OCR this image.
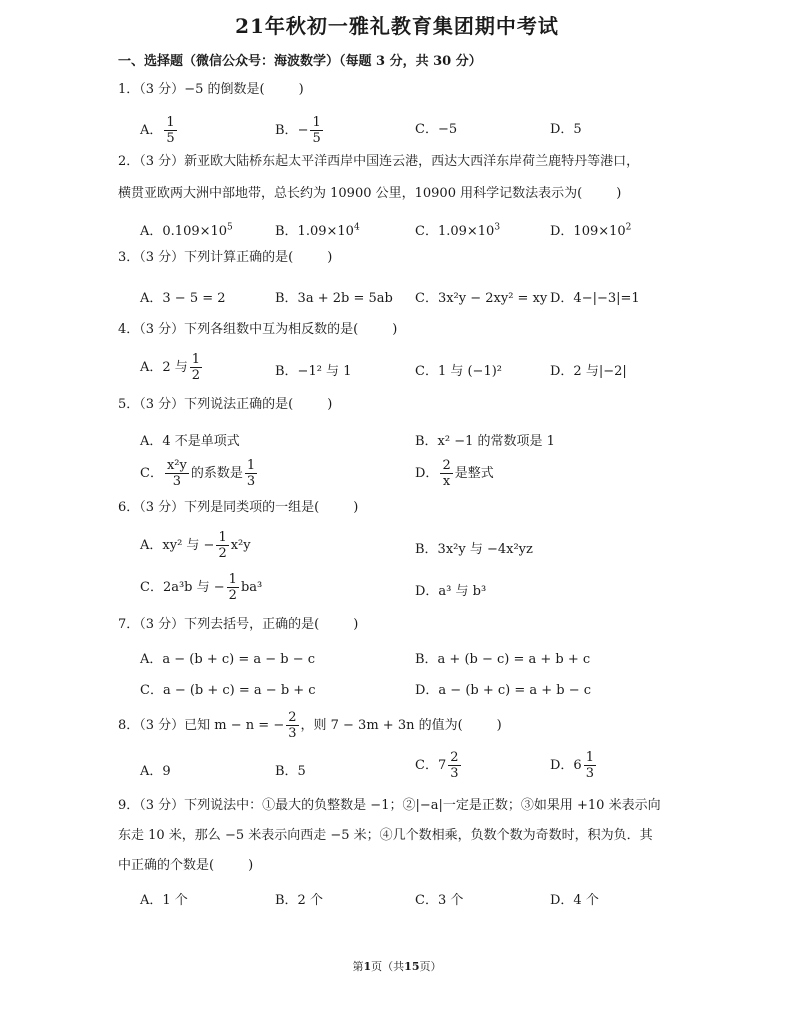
21年秋初一雅礼教育集团期中考试
一、选择题（微信公众号：海波数学）（每题 3 分，共 30 分）
1．（3 分）−5 的倒数是(	)
A． $\frac{1}{5}$	B．− $\frac{1}{5}$	C．−5	D．5
2．（3 分）新亚欧大陆桥东起太平洋西岸中国连云港，西达大西洋东岸荷兰鹿特丹等港口，
横贯亚欧两大洲中部地带，总长约为 10900 公里，10900 用科学记数法表示为(	)
A．$0.109\times 10^5$	B．$1.09\times 10^4$	C．$1.09\times 10^3$	D．$109\times 10^2$
3．（3 分）下列计算正确的是(	)
A．3 − 5 = 2	B．3a + 2b = 5ab C．3x²y − 2xy² = xy D．4−|−3|=1
4．（3 分）下列各组数中互为相反数的是(	)
A．2 与 $\frac{1}{2}$	B．−1² 与 1	C．1 与 (−1)²	D．2 与|−2|
5．（3 分）下列说法正确的是(	)
A．4 不是单项式	B．x² −1 的常数项是 1
C． $\frac{\text{x²y}}{3}$ 的系数是 $\frac{1}{3}$	D． $\frac{2}{x}$ 是整式
6．（3 分）下列是同类项的一组是(	)
A．xy² 与 − $\frac{1}{2} x^2y$	B．3x²y 与 −4x²yz
C．2a³b 与 − $\frac{1}{2} ba^3$	D．a³ 与 b³
7．（3 分）下列去括号，正确的是(	)
A．a − (b + c) = a − b − c	B．a + (b − c) = a + b + c
C．a − (b + c) = a − b + c	D．a − (b + c) = a + b − c
8．（3 分）已知 m − n = − $\frac{2}{3}$ ，则 7 − 3m + 3n 的值为(	)
A．9	B．5	C．$7 \frac{2}{3}$	D．$6 \frac{1}{3}$
9．（3 分）下列说法中：①最大的负整数是 −1；②|−a|一定是正数；③如果用 +10 米表示向
东走 10 米，那么 −5 米表示向西走 −5 米；④几个数相乘，负数个数为奇数时，积为负．其
中正确的个数是(	)
A．1 个	B．2 个	C．3 个	D．4 个
第1页（共15页）
